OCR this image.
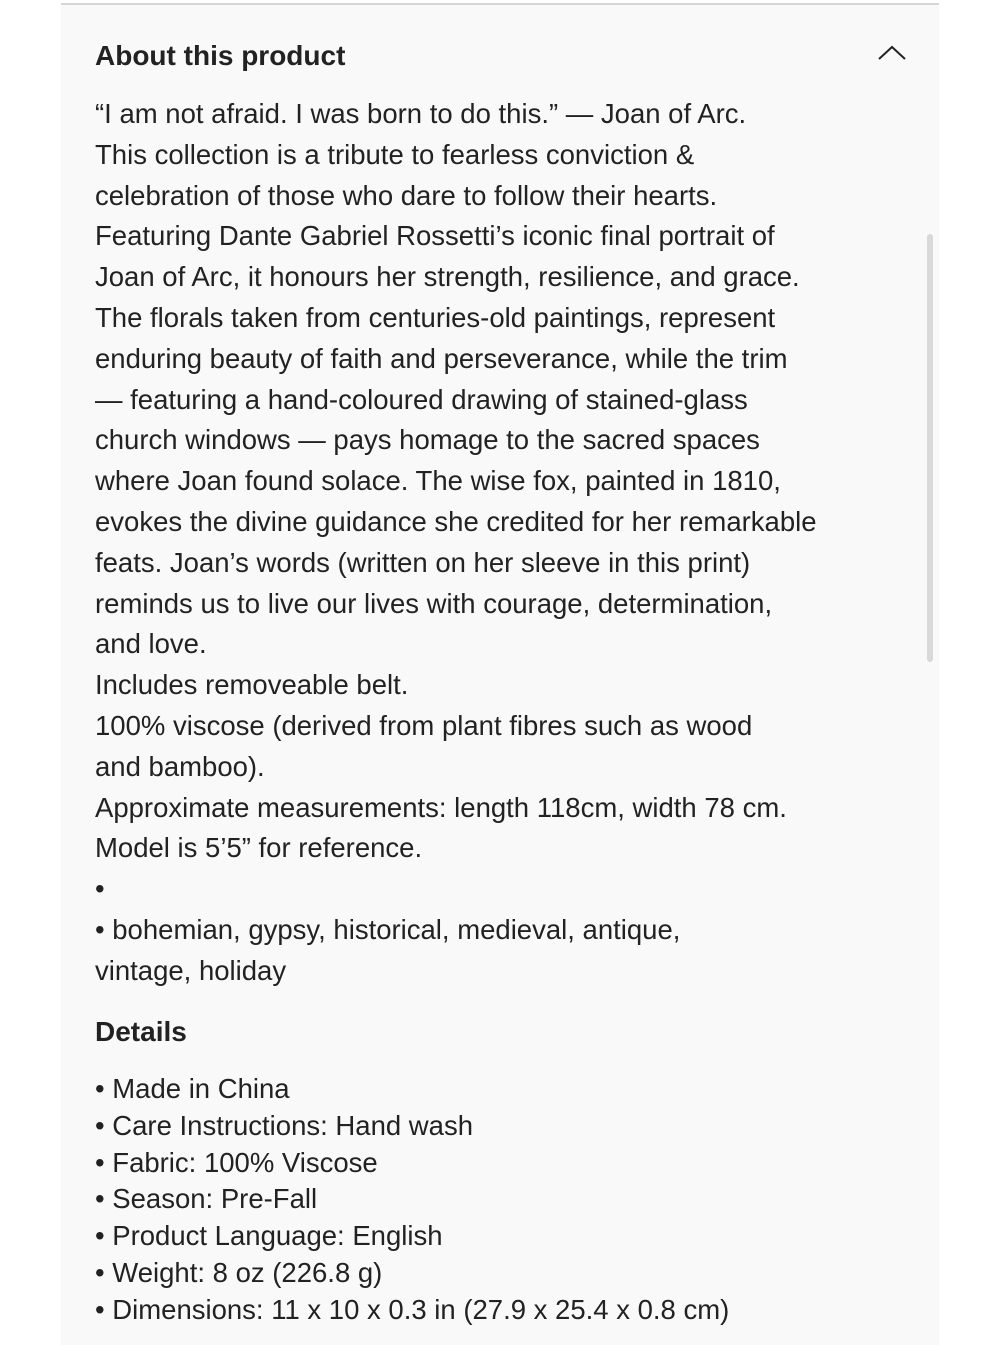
About this product
“I am not afraid. I was born to do this.” — Joan of Arc.
This collection is a tribute to fearless conviction &
celebration of those who dare to follow their hearts.
Featuring Dante Gabriel Rossetti’s iconic final portrait of
Joan of Arc, it honours her strength, resilience, and grace.
The florals taken from centuries-old paintings, represent
enduring beauty of faith and perseverance, while the trim
— featuring a hand-coloured drawing of stained-glass
church windows — pays homage to the sacred spaces
where Joan found solace. The wise fox, painted in 1810,
evokes the divine guidance she credited for her remarkable
feats. Joan’s words (written on her sleeve in this print)
reminds us to live our lives with courage, determination,
and love.
Includes removeable belt.
100% viscose (derived from plant fibres such as wood
and bamboo).
Approximate measurements: length 118cm, width 78 cm.
Model is 5’5” for reference.
•
• bohemian, gypsy, historical, medieval, antique,
vintage, holiday
Details
• Made in China
• Care Instructions: Hand wash
• Fabric: 100% Viscose
• Season: Pre-Fall
• Product Language: English
• Weight: 8 oz (226.8 g)
• Dimensions: 11 x 10 x 0.3 in (27.9 x 25.4 x 0.8 cm)
